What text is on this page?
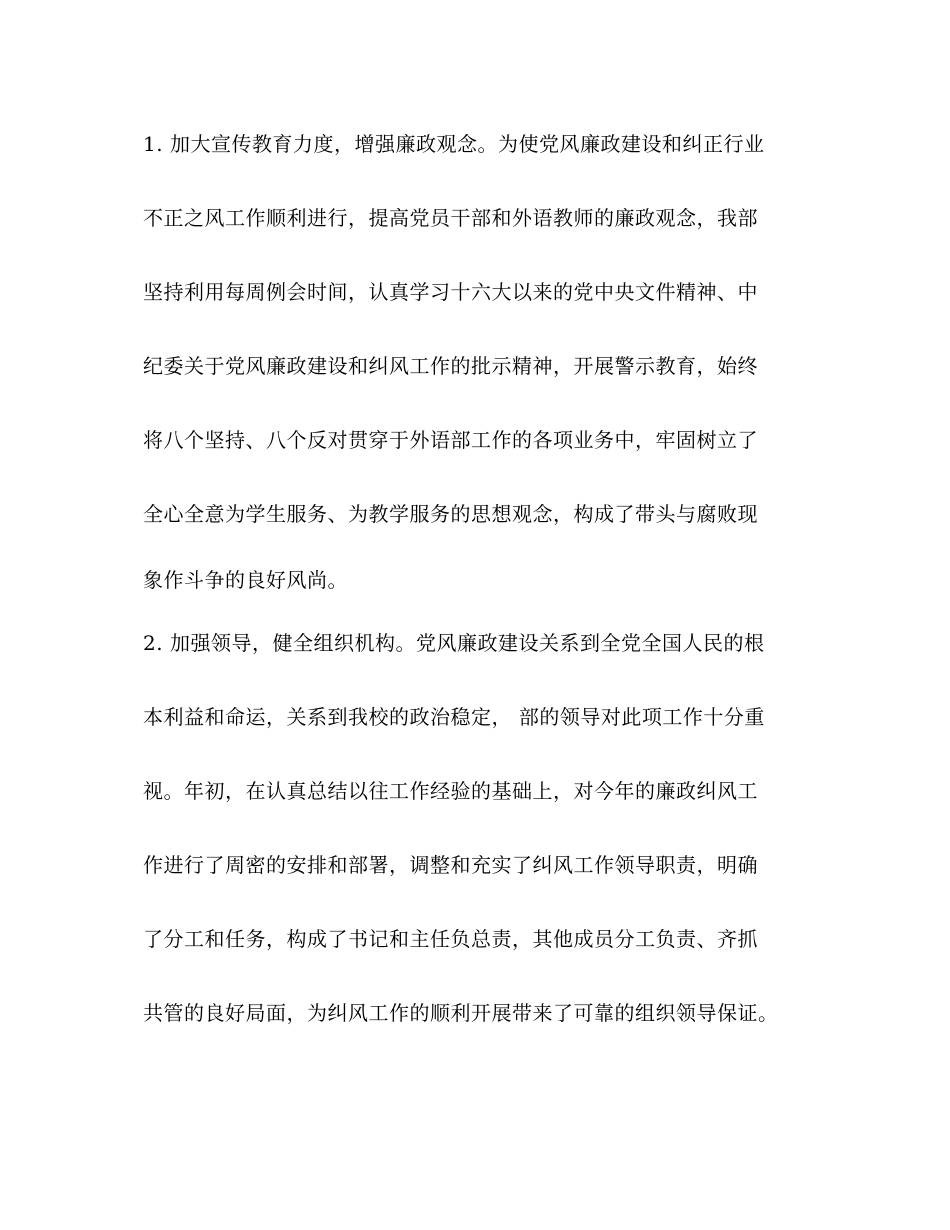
1. 加大宣传教育力度，增强廉政观念。为使党风廉政建设和纠正行业
不正之风工作顺利进行，提高党员干部和外语教师的廉政观念，我部
坚持利用每周例会时间，认真学习十六大以来的党中央文件精神、中
纪委关于党风廉政建设和纠风工作的批示精神，开展警示教育，始终
将八个坚持、八个反对贯穿于外语部工作的各项业务中，牢固树立了
全心全意为学生服务、为教学服务的思想观念，构成了带头与腐败现
象作斗争的良好风尚。
2. 加强领导，健全组织机构。党风廉政建设关系到全党全国人民的根
本利益和命运，关系到我校的政治稳定， 部的领导对此项工作十分重
视。年初，在认真总结以往工作经验的基础上，对今年的廉政纠风工
作进行了周密的安排和部署，调整和充实了纠风工作领导职责，明确
了分工和任务，构成了书记和主任负总责，其他成员分工负责、齐抓
共管的良好局面，为纠风工作的顺利开展带来了可靠的组织领导保证。
